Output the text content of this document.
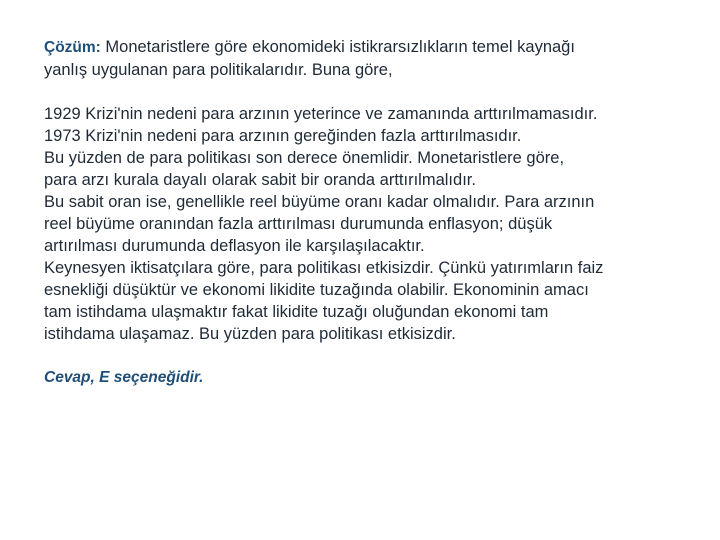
Çözüm: Monetaristlere göre ekonomideki istikrarsızlıkların temel kaynağı
yanlış uygulanan para politikalarıdır. Buna göre,

1929 Krizi'nin nedeni para arzının yeterince ve zamanında arttırılmamasıdır.
1973 Krizi'nin nedeni para arzının gereğinden fazla arttırılmasıdır.
Bu yüzden de para politikası son derece önemlidir. Monetaristlere göre,
para arzı kurala dayalı olarak sabit bir oranda arttırılmalıdır.
Bu sabit oran ise, genellikle reel büyüme oranı kadar olmalıdır. Para arzının
reel büyüme oranından fazla arttırılması durumunda enflasyon; düşük
artırılması durumunda deflasyon ile karşılaşılacaktır.
Keynesyen iktisatçılara göre, para politikası etkisizdir. Çünkü yatırımların faiz
esnekliği düşüktür ve ekonomi likidite tuzağında olabilir. Ekonominin amacı
tam istihdama ulaşmaktır fakat likidite tuzağı oluğundan ekonomi tam
istihdama ulaşamaz. Bu yüzden para politikası etkisizdir.
Cevap, E seçeneğidir.
